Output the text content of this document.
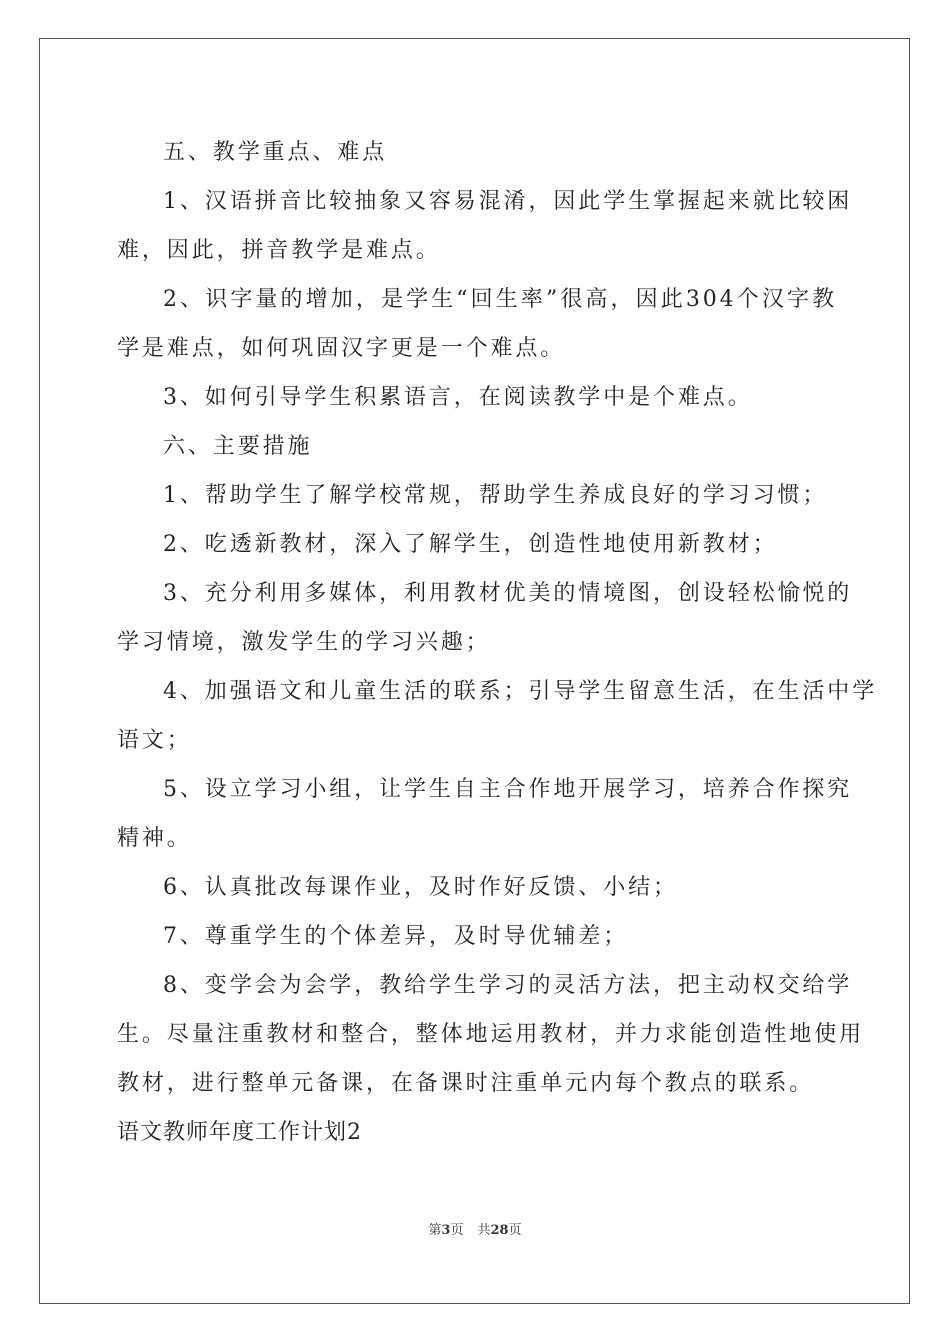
五、教学重点、难点
1、汉语拼音比较抽象又容易混淆，因此学生掌握起来就比较困
难，因此，拼音教学是难点。
2、识字量的增加，是学生“回生率”很高，因此304个汉字教
学是难点，如何巩固汉字更是一个难点。
3、如何引导学生积累语言，在阅读教学中是个难点。
六、主要措施
1、帮助学生了解学校常规，帮助学生养成良好的学习习惯；
2、吃透新教材，深入了解学生，创造性地使用新教材；
3、充分利用多媒体，利用教材优美的情境图，创设轻松愉悦的
学习情境，激发学生的学习兴趣；
4、加强语文和儿童生活的联系；引导学生留意生活，在生活中学
语文；
5、设立学习小组，让学生自主合作地开展学习，培养合作探究
精神。
6、认真批改每课作业，及时作好反馈、小结；
7、尊重学生的个体差异，及时导优辅差；
8、变学会为会学，教给学生学习的灵活方法，把主动权交给学
生。尽量注重教材和整合，整体地运用教材，并力求能创造性地使用
教材，进行整单元备课，在备课时注重单元内每个教点的联系。
语文教师年度工作计划2
第3页 共28页
